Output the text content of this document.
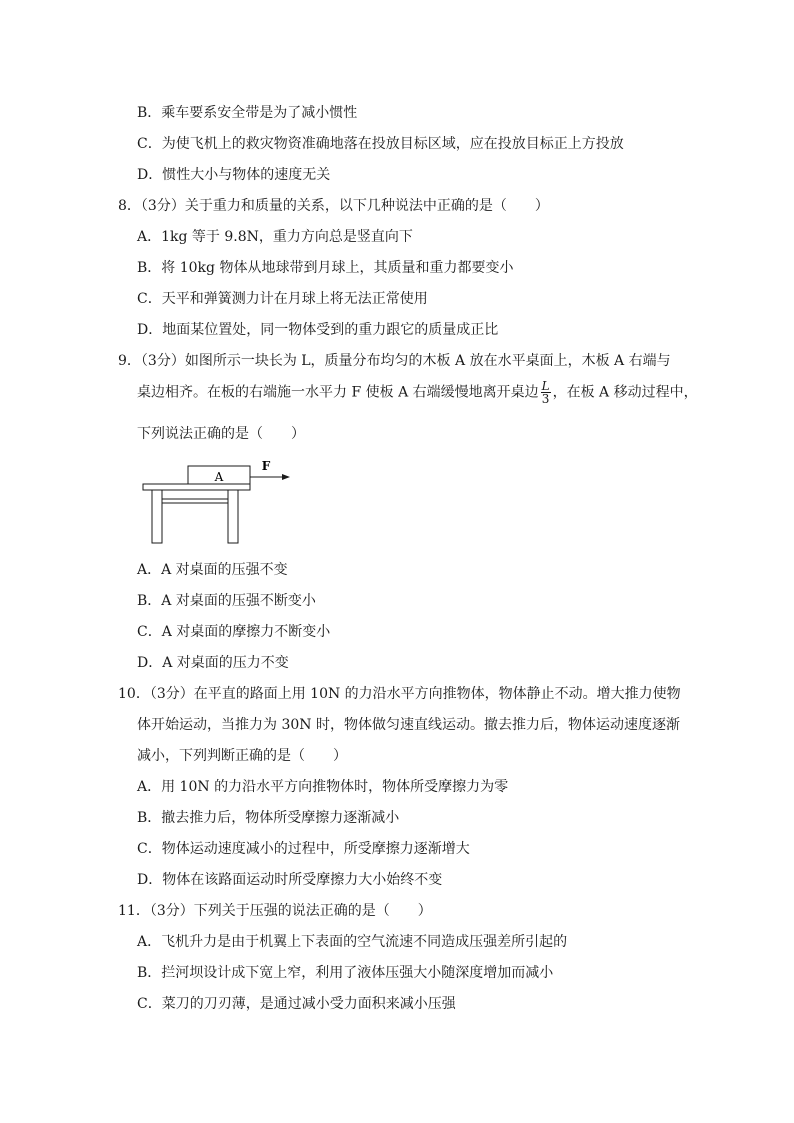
B．乘车要系安全带是为了减小惯性
C．为使飞机上的救灾物资准确地落在投放目标区域，应在投放目标正上方投放
D．惯性大小与物体的速度无关
8．（3分）关于重力和质量的关系，以下几种说法中正确的是（　　）
A．1kg 等于 9.8N，重力方向总是竖直向下
B．将 10kg 物体从地球带到月球上，其质量和重力都要变小
C．天平和弹簧测力计在月球上将无法正常使用
D．地面某位置处，同一物体受到的重力跟它的质量成正比
9．（3分）如图所示一块长为 L，质量分布均匀的木板 A 放在水平桌面上，木板 A 右端与
桌边相齐。在板的右端施一水平力 F 使板 A 右端缓慢地离开桌边 $\frac{L}{3}$ ，在板 A 移动过程中，
下列说法正确的是（　　）
A
F
A．A 对桌面的压强不变
B．A 对桌面的压强不断变小
C．A 对桌面的摩擦力不断变小
D．A 对桌面的压力不变
10．（3分）在平直的路面上用 10N 的力沿水平方向推物体，物体静止不动。增大推力使物
体开始运动，当推力为 30N 时，物体做匀速直线运动。撤去推力后，物体运动速度逐渐
减小，下列判断正确的是（　　）
A．用 10N 的力沿水平方向推物体时，物体所受摩擦力为零
B．撤去推力后，物体所受摩擦力逐渐减小
C．物体运动速度减小的过程中，所受摩擦力逐渐增大
D．物体在该路面运动时所受摩擦力大小始终不变
11．（3分）下列关于压强的说法正确的是（　　）
A．飞机升力是由于机翼上下表面的空气流速不同造成压强差所引起的
B．拦河坝设计成下宽上窄，利用了液体压强大小随深度增加而减小
C．菜刀的刀刃薄，是通过减小受力面积来减小压强
